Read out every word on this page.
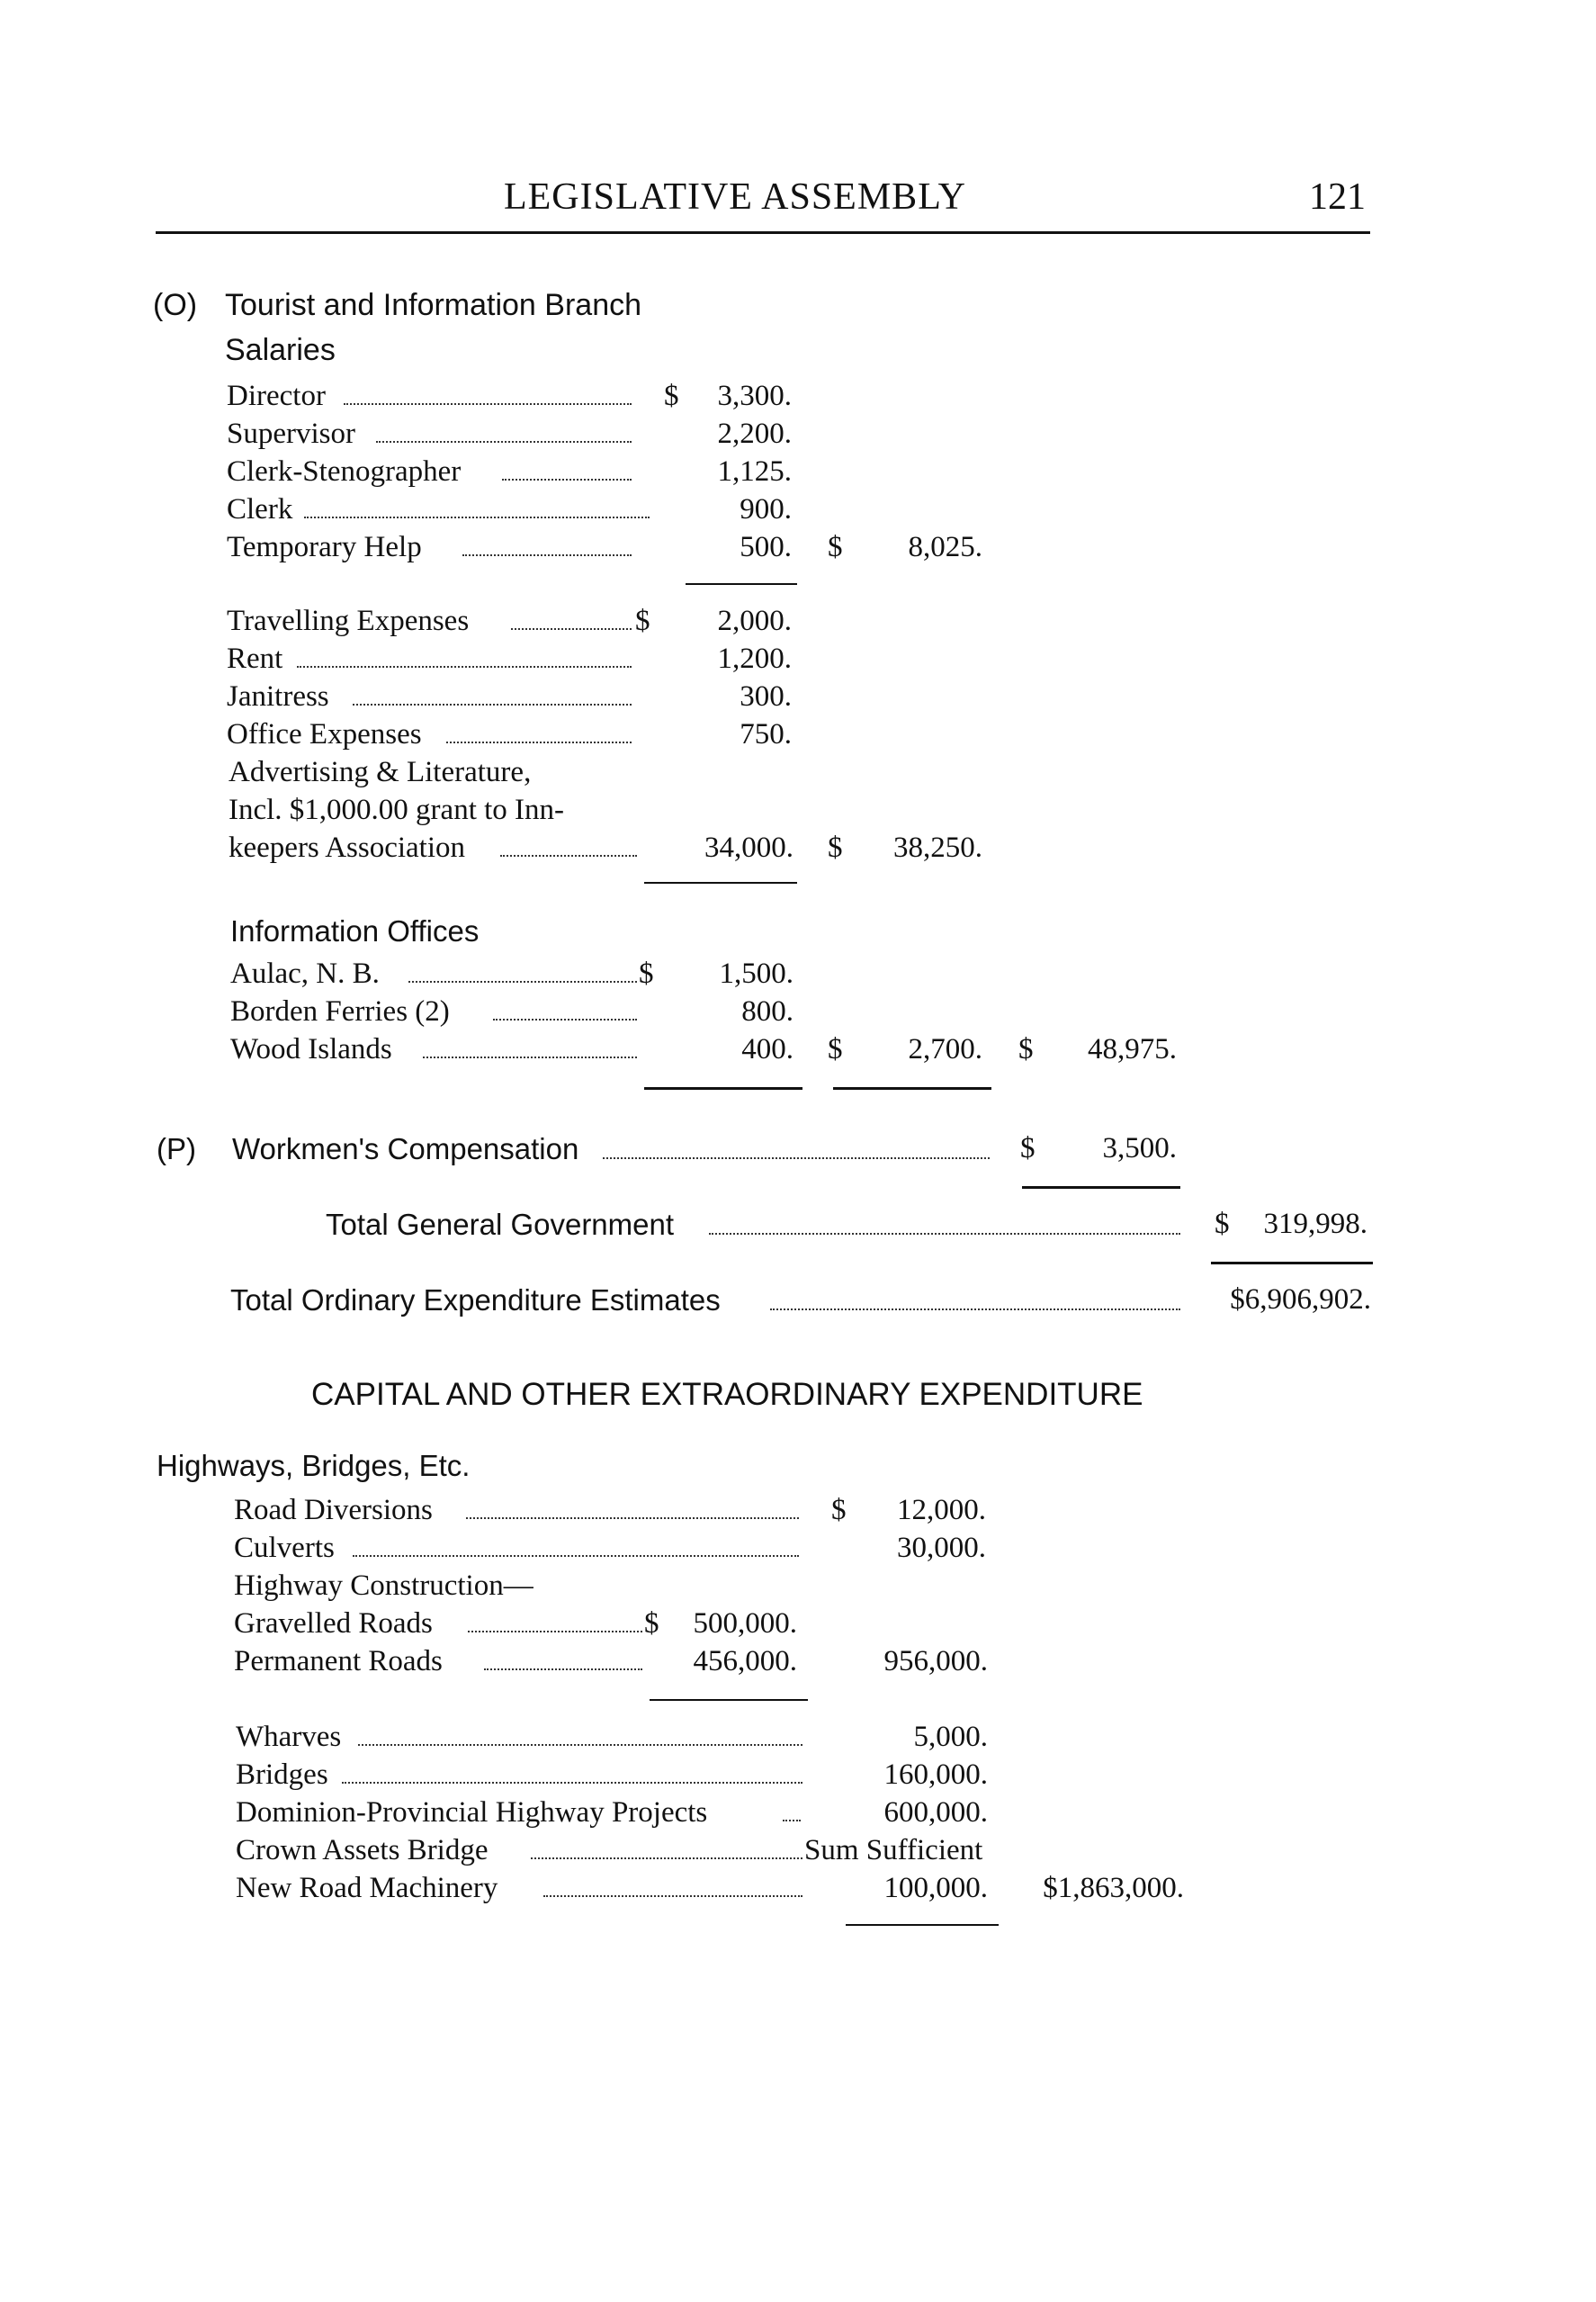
LEGISLATIVE ASSEMBLY	121
(O) Tourist and Information Branch
Salaries
Director	$	3,300.
Supervisor	2,200.
Clerk-Stenographer	1,125.
Clerk	900.
Temporary Help	500. $	8,025.
Travelling Expenses	$	2,000.
Rent	1,200.
Janitress	300.
Office Expenses	750.
Advertising & Literature,
Incl. $1,000.00 grant to Inn-
keepers Association	34,000. $	38,250.
Information Offices
Aulac, N. B.	$	1,500.
Borden Ferries (2)	800.
Wood Islands	400. $	2,700. $	48,975.
(P) Workmen's Compensation	$	3,500.
Total General Government	$	319,998.
Total Ordinary Expenditure Estimates	$6,906,902.
CAPITAL AND OTHER EXTRAORDINARY EXPENDITURE
Highways, Bridges, Etc.
Road Diversions	$	12,000.
Culverts	30,000.
Highway Construction—
Gravelled Roads	$	500,000.
Permanent Roads	456,000.	956,000.
Wharves	5,000.
Bridges	160,000.
Dominion-Provincial Highway Projects	600,000.
Crown Assets Bridge	Sum Sufficient
New Road Machinery	100,000.	$1,863,000.
